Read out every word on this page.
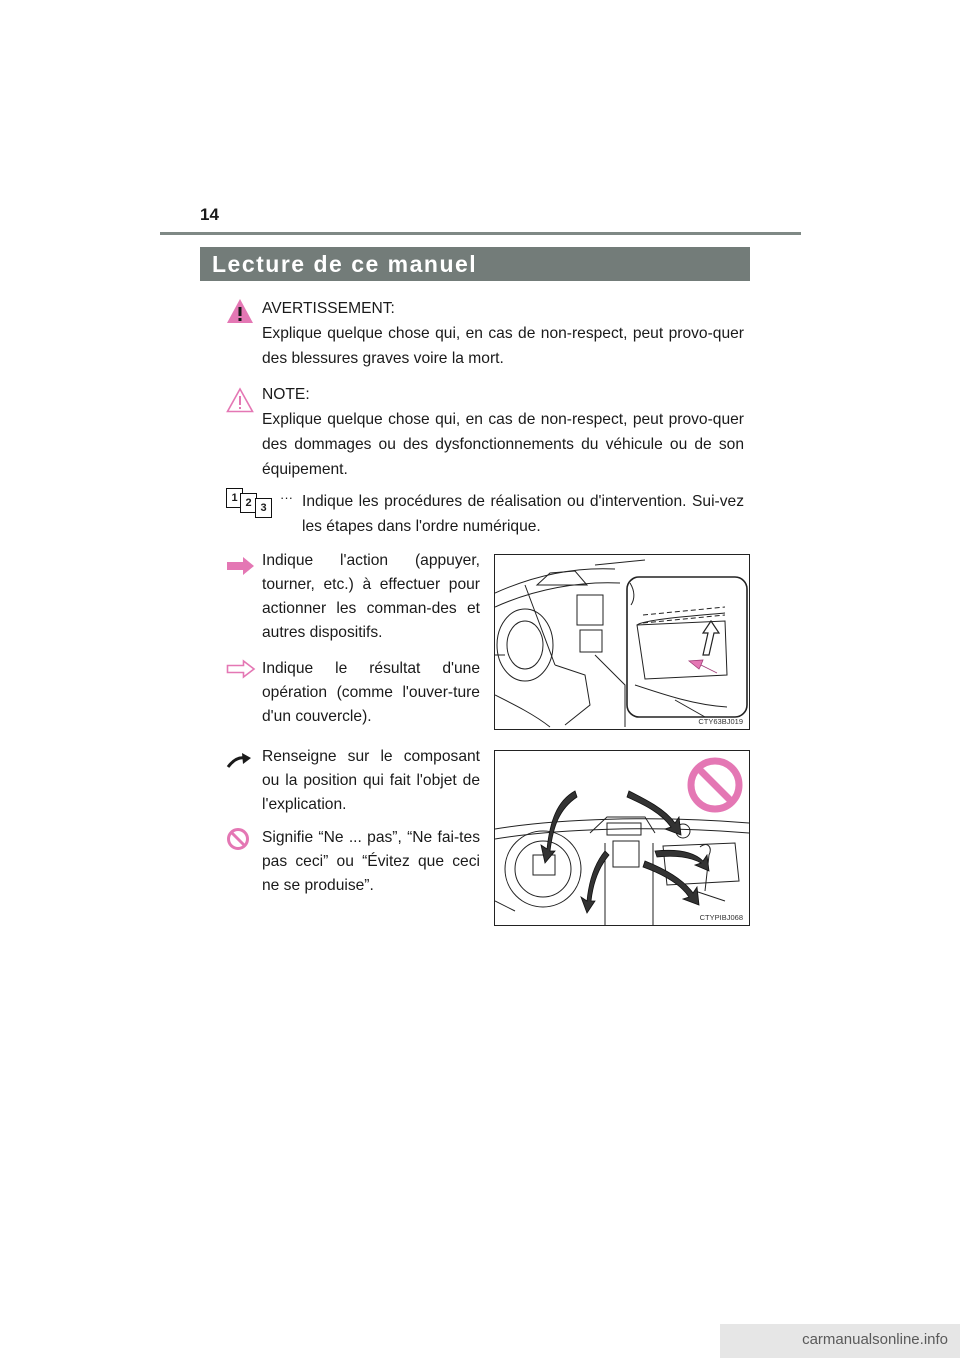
14
Lecture de ce manuel

AVERTISSEMENT:

Explique quelque chose qui, en cas de non-respect, peut provo-quer des blessures graves voire la mort.

NOTE:

Explique quelque chose qui, en cas de non-respect, peut provo-quer des dommages ou des dysfonctionnements du véhicule ou de son équipement.

1 2 3
··· Indique les procédures de réalisation ou d'intervention. Sui-vez les étapes dans l'ordre numérique.
Indique l'action (appuyer, tourner, etc.) à effectuer pour actionner les comman-des et autres dispositifs.
Indique le résultat d'une opération (comme l'ouver-ture d'un couvercle).
Renseigne sur le composant ou la position qui fait l'objet de l'explication.
Signifie “Ne ... pas”, “Ne fai-tes pas ceci” ou “Évitez que ceci ne se produise”.
CTY63BJ019
CTYPIBJ068
carmanualsonline.info
